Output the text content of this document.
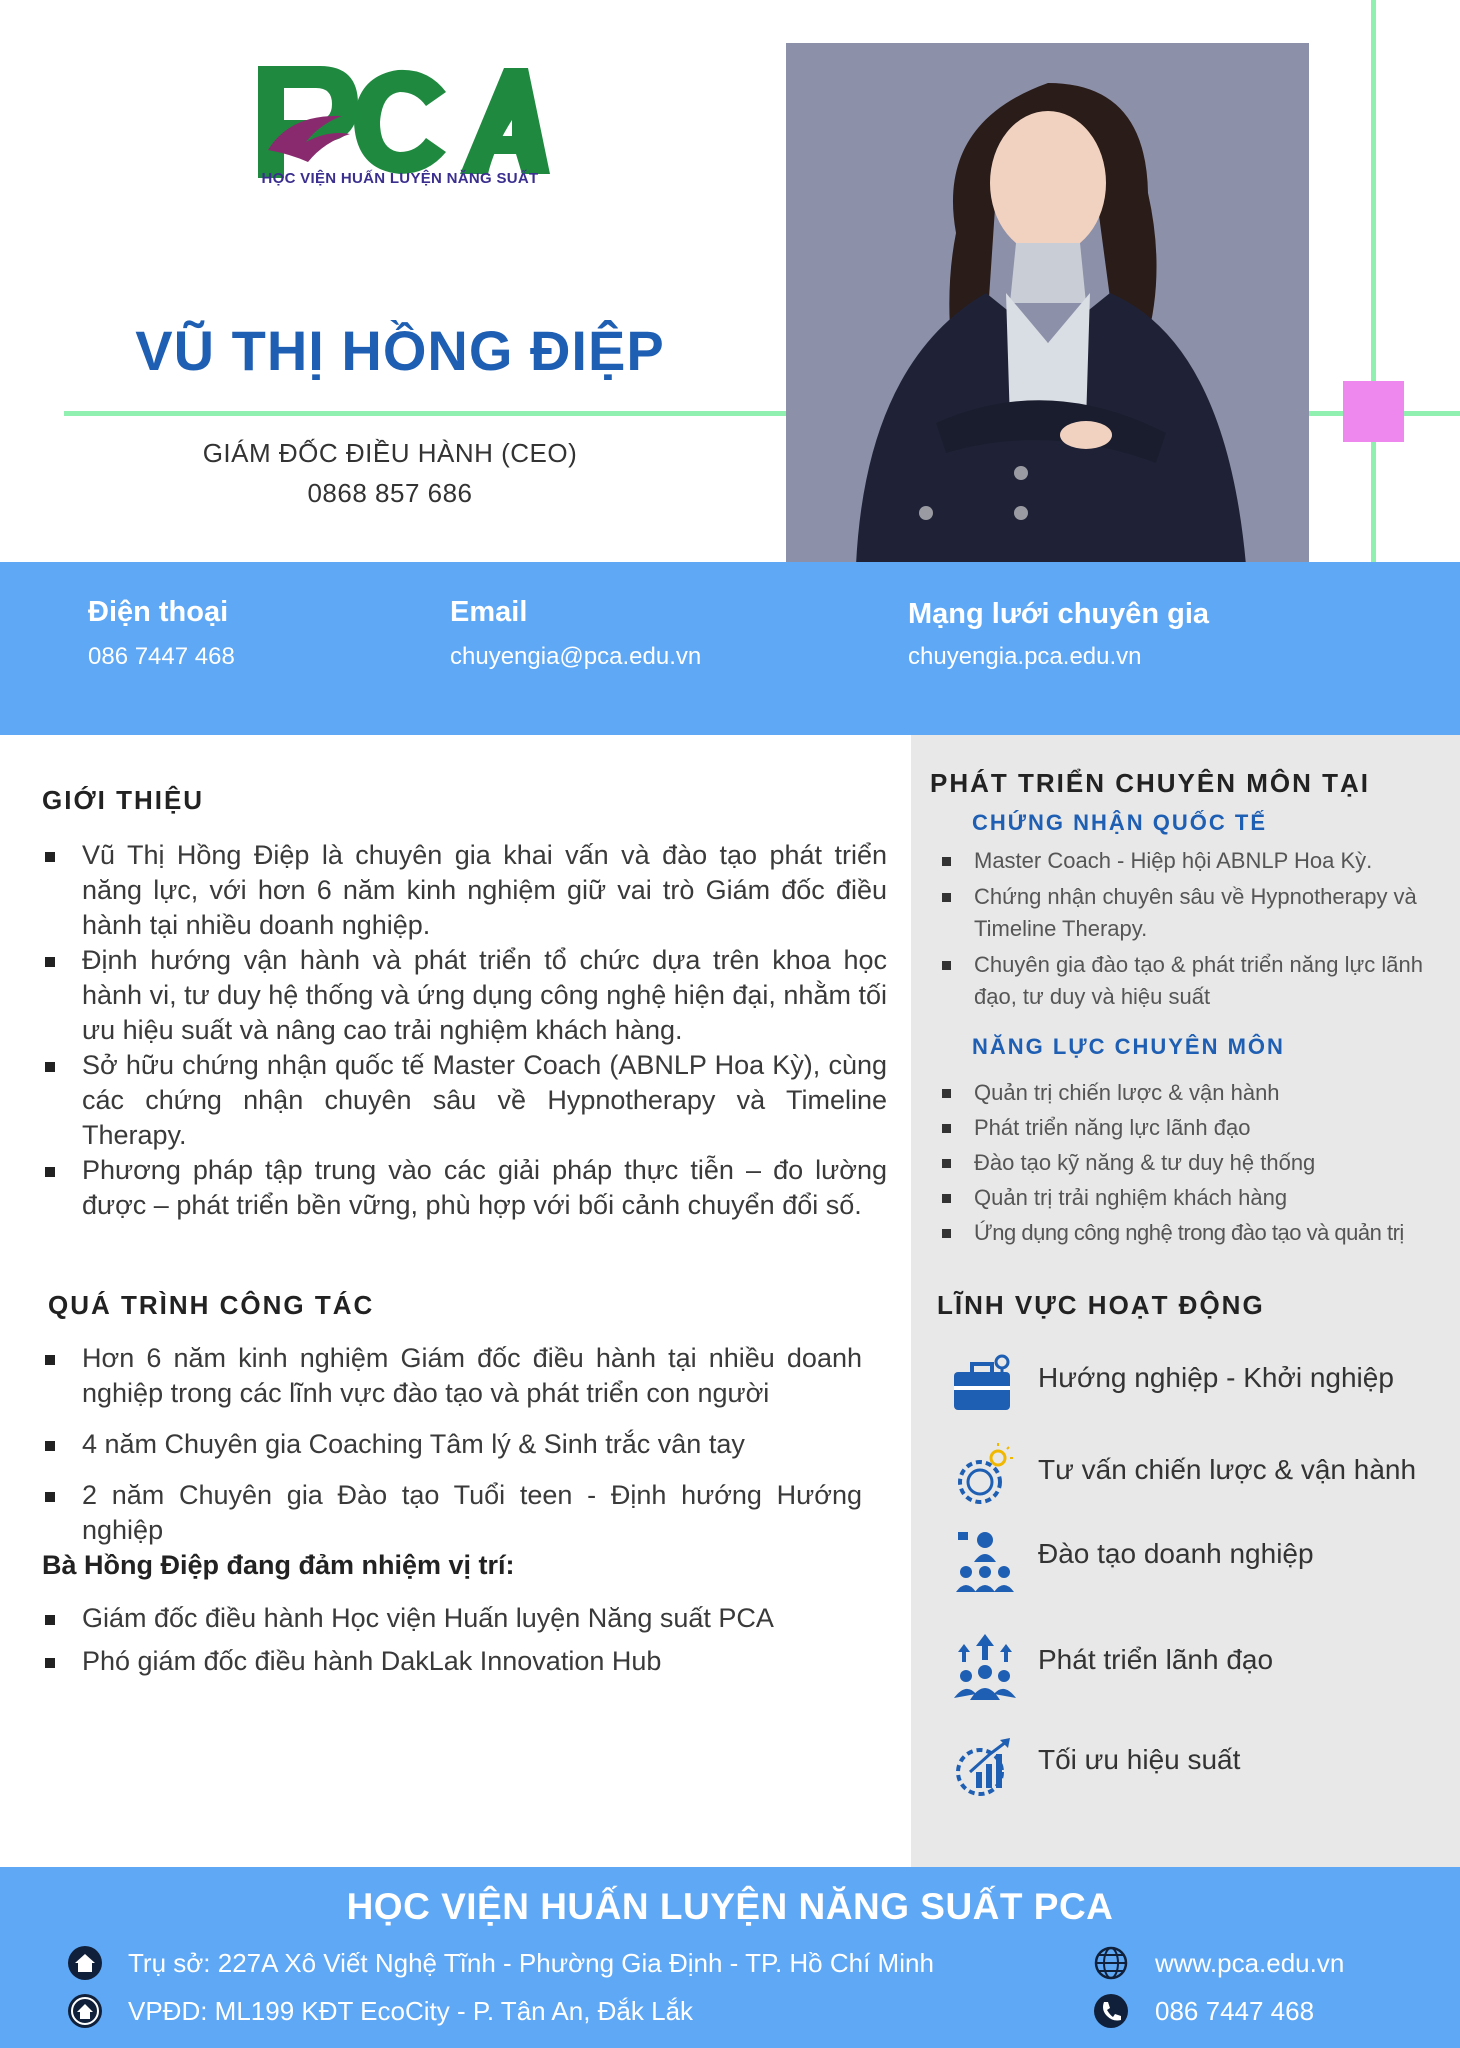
HỌC VIỆN HUẤN LUYỆN NĂNG SUẤT
VŨ THỊ HỒNG ĐIỆP
GIÁM ĐỐC ĐIỀU HÀNH (CEO)
0868 857 686
Điện thoại
086 7447 468
Email
chuyengia@pca.edu.vn
Mạng lưới chuyên gia
chuyengia.pca.edu.vn
GIỚI THIỆU
Vũ Thị Hồng Điệp là chuyên gia khai vấn và đào tạo phát triển năng lực, với hơn 6 năm kinh nghiệm giữ vai trò Giám đốc điều hành tại nhiều doanh nghiệp.
Định hướng vận hành và phát triển tổ chức dựa trên khoa học hành vi, tư duy hệ thống và ứng dụng công nghệ hiện đại, nhằm tối ưu hiệu suất và nâng cao trải nghiệm khách hàng.
Sở hữu chứng nhận quốc tế Master Coach (ABNLP Hoa Kỳ), cùng các chứng nhận chuyên sâu về Hypnotherapy và Timeline Therapy.
Phương pháp tập trung vào các giải pháp thực tiễn – đo lường được – phát triển bền vững, phù hợp với bối cảnh chuyển đổi số.
QUÁ TRÌNH CÔNG TÁC
Hơn 6 năm kinh nghiệm Giám đốc điều hành tại nhiều doanh nghiệp trong các lĩnh vực đào tạo và phát triển con người
4 năm Chuyên gia Coaching Tâm lý & Sinh trắc vân tay
2 năm Chuyên gia Đào tạo Tuổi teen - Định hướng Hướng nghiệp
Bà Hồng Điệp đang đảm nhiệm vị trí:
Giám đốc điều hành Học viện Huấn luyện Năng suất PCA
Phó giám đốc điều hành DakLak Innovation Hub
PHÁT TRIỂN CHUYÊN MÔN TẠI
CHỨNG NHẬN QUỐC TẾ
Master Coach - Hiệp hội ABNLP Hoa Kỳ.
Chứng nhận chuyên sâu về Hypnotherapy và Timeline Therapy.
Chuyên gia đào tạo & phát triển năng lực lãnh đạo, tư duy và hiệu suất
NĂNG LỰC CHUYÊN MÔN
Quản trị chiến lược & vận hành
Phát triển năng lực lãnh đạo
Đào tạo kỹ năng & tư duy hệ thống
Quản trị trải nghiệm khách hàng
Ứng dụng công nghệ trong đào tạo và quản trị
LĨNH VỰC HOẠT ĐỘNG
Hướng nghiệp - Khởi nghiệp
Tư vấn chiến lược & vận hành
Đào tạo doanh nghiệp
Phát triển lãnh đạo
Tối ưu hiệu suất
HỌC VIỆN HUẤN LUYỆN NĂNG SUẤT PCA
Trụ sở: 227A Xô Viết Nghệ Tĩnh - Phường Gia Định - TP. Hồ Chí Minh
VPĐD: ML199 KĐT EcoCity - P. Tân An, Đắk Lắk
www.pca.edu.vn
086 7447 468
